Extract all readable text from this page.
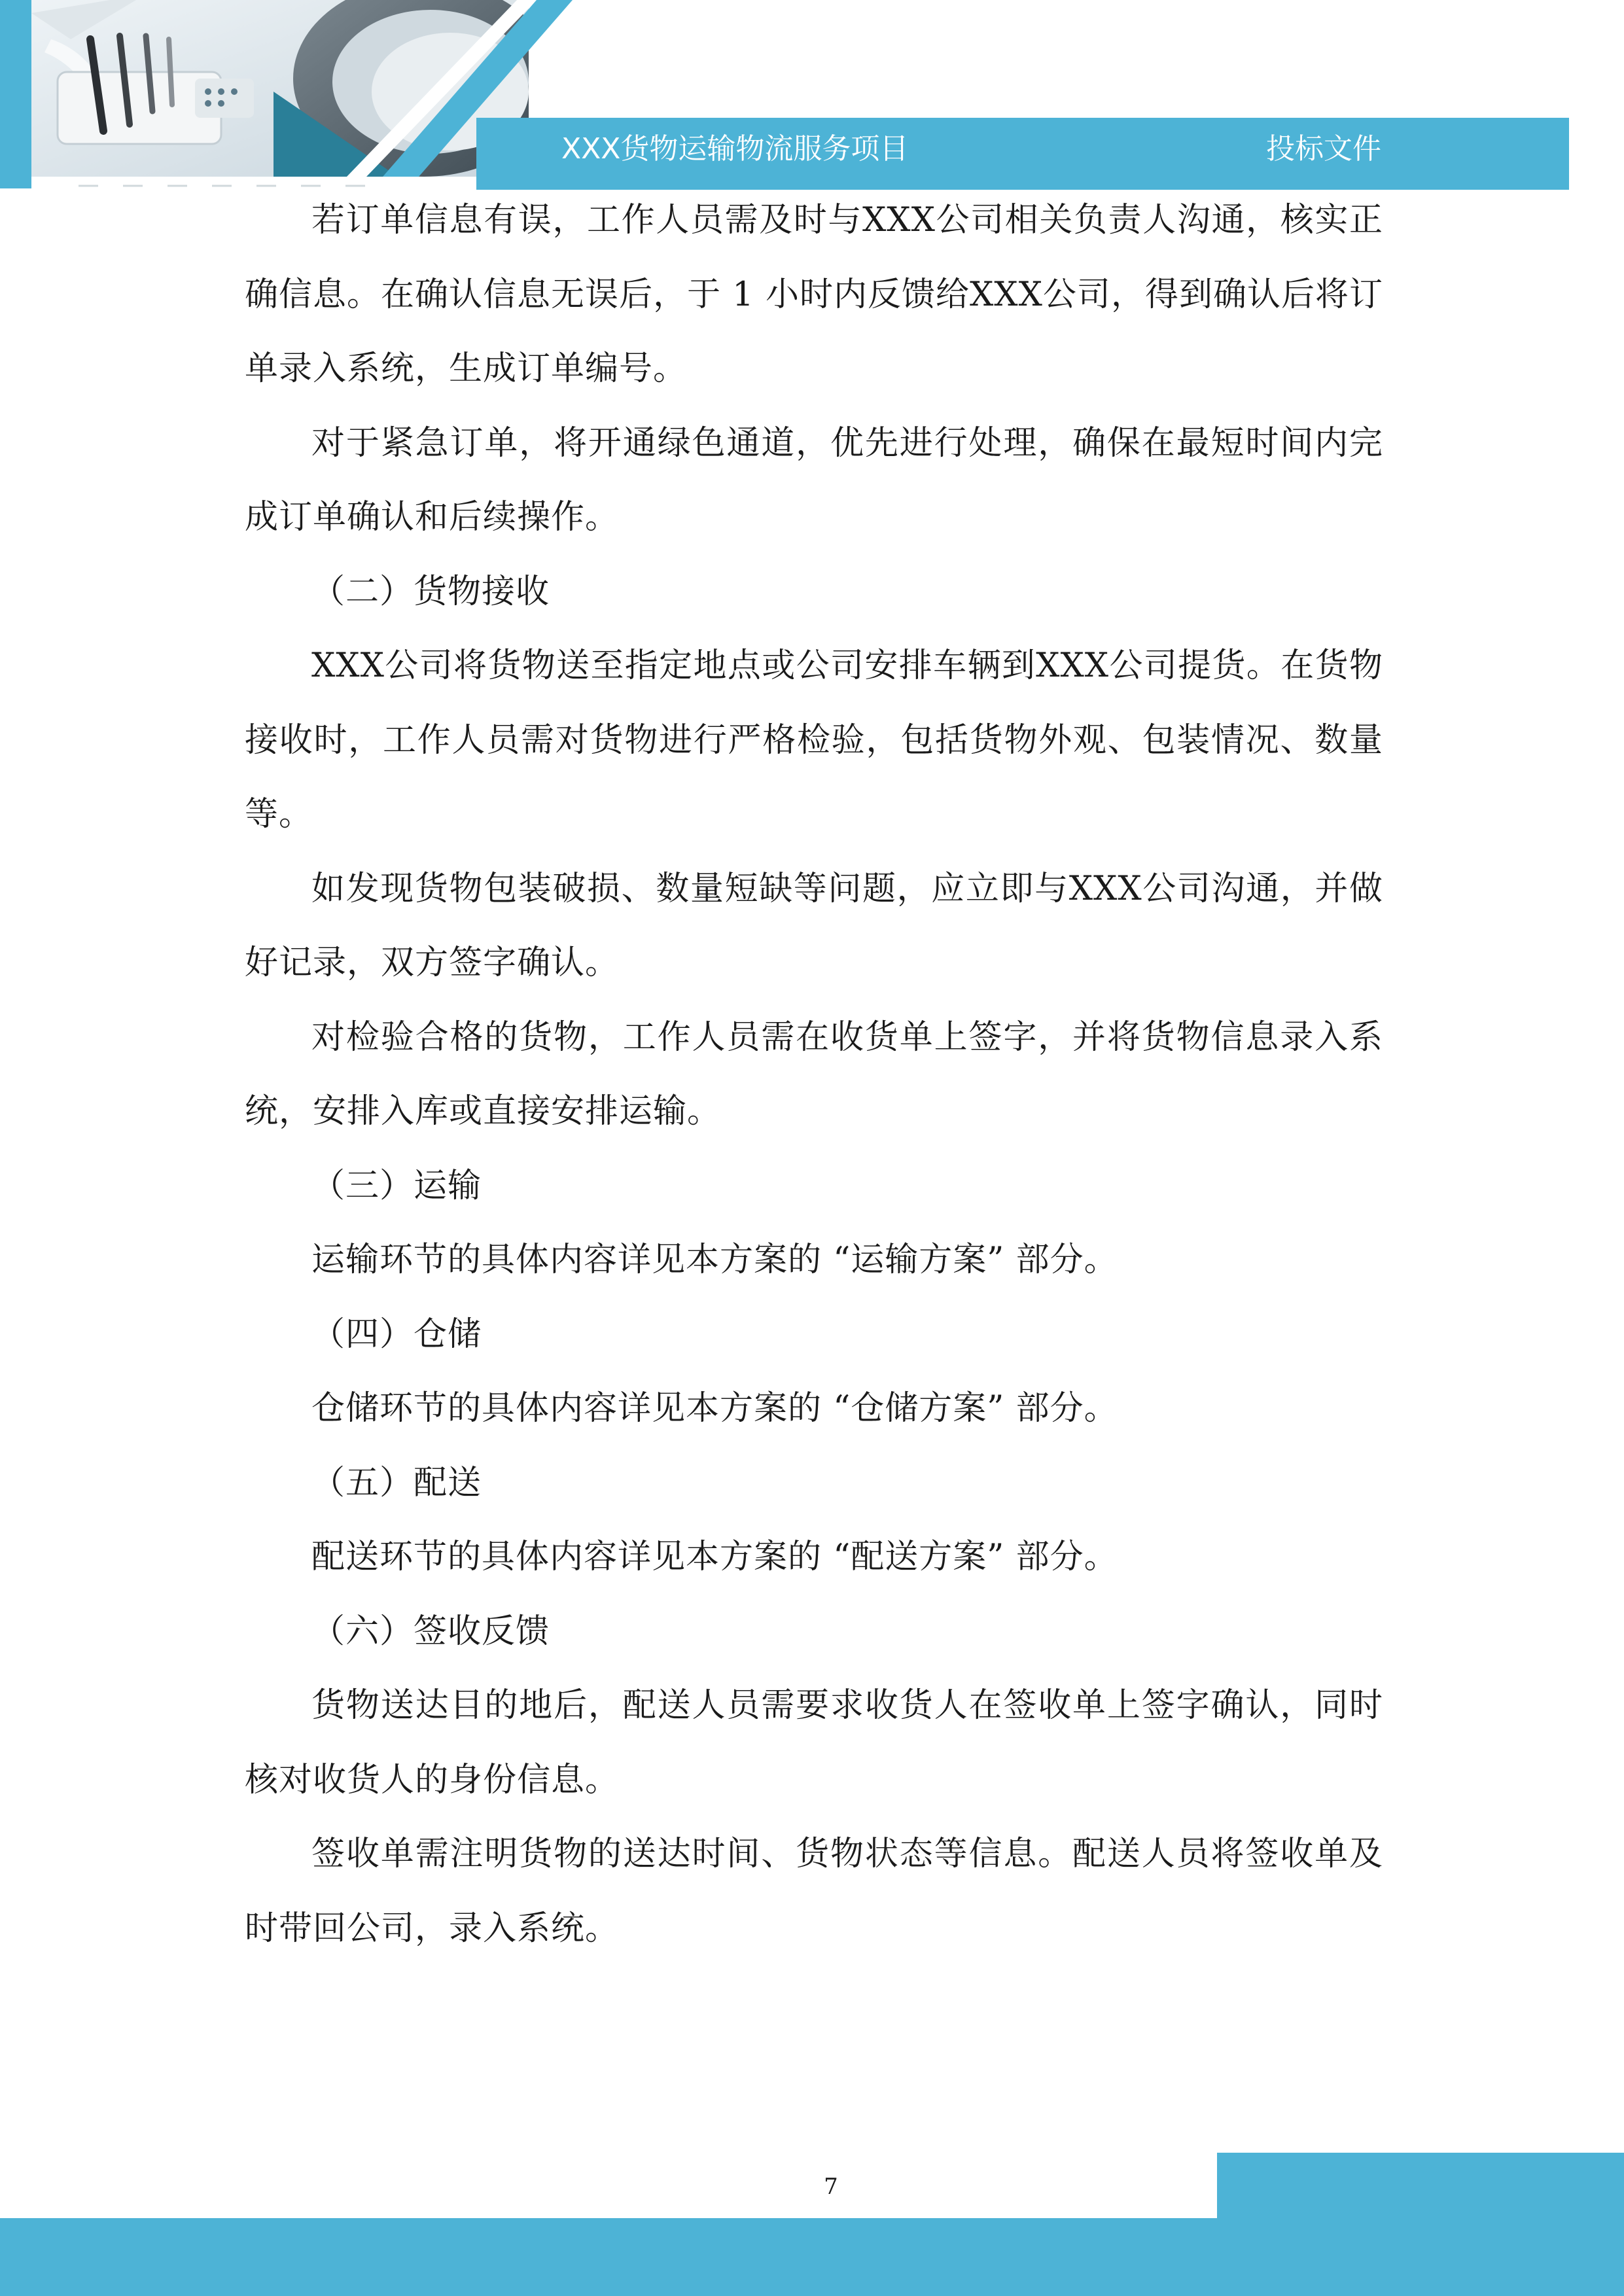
XXX货物运输物流服务项目	投标文件

若订单信息有误，工作人员需及时与XXX公司相关负责人沟通，核实正确信息。在确认信息无误后，于 1 小时内反馈给XXX公司，得到确认后将订单录入系统，生成订单编号。

对于紧急订单，将开通绿色通道，优先进行处理，确保在最短时间内完成订单确认和后续操作。

（二）货物接收

XXX公司将货物送至指定地点或公司安排车辆到XXX公司提货。在货物接收时，工作人员需对货物进行严格检验，包括货物外观、包装情况、数量等。

如发现货物包装破损、数量短缺等问题，应立即与XXX公司沟通，并做好记录，双方签字确认。

对检验合格的货物，工作人员需在收货单上签字，并将货物信息录入系统，安排入库或直接安排运输。

（三）运输

运输环节的具体内容详见本方案的 “运输方案” 部分。

（四）仓储

仓储环节的具体内容详见本方案的 “仓储方案” 部分。

（五）配送

配送环节的具体内容详见本方案的 “配送方案” 部分。

（六）签收反馈

货物送达目的地后，配送人员需要求收货人在签收单上签字确认，同时核对收货人的身份信息。

签收单需注明货物的送达时间、货物状态等信息。配送人员将签收单及时带回公司，录入系统。

7
